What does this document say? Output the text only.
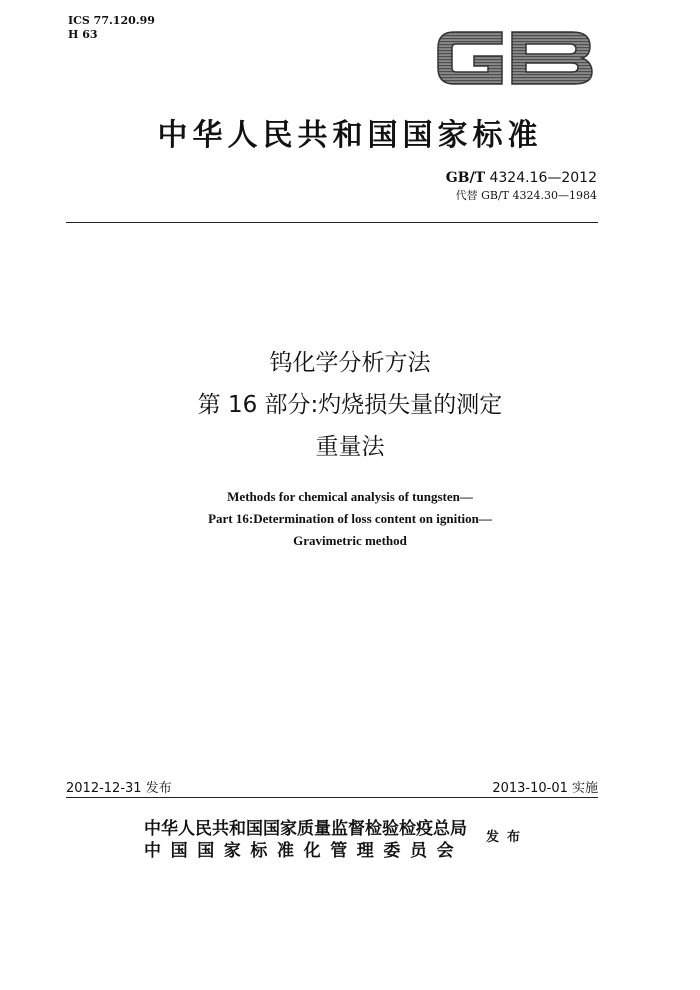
ICS 77.120.99
H 63
中华人民共和国国家标准
GB/T 4324.16—2012
代替 GB/T 4324.30—1984
钨化学分析方法
第 16 部分:灼烧损失量的测定
重量法
Methods for chemical analysis of tungsten—
Part 16:Determination of loss content on ignition—
Gravimetric method
2012-12-31 发布	2013-10-01 实施
中华人民共和国国家质量监督检验检疫总局
中国国家标准化管理委员会
发布
